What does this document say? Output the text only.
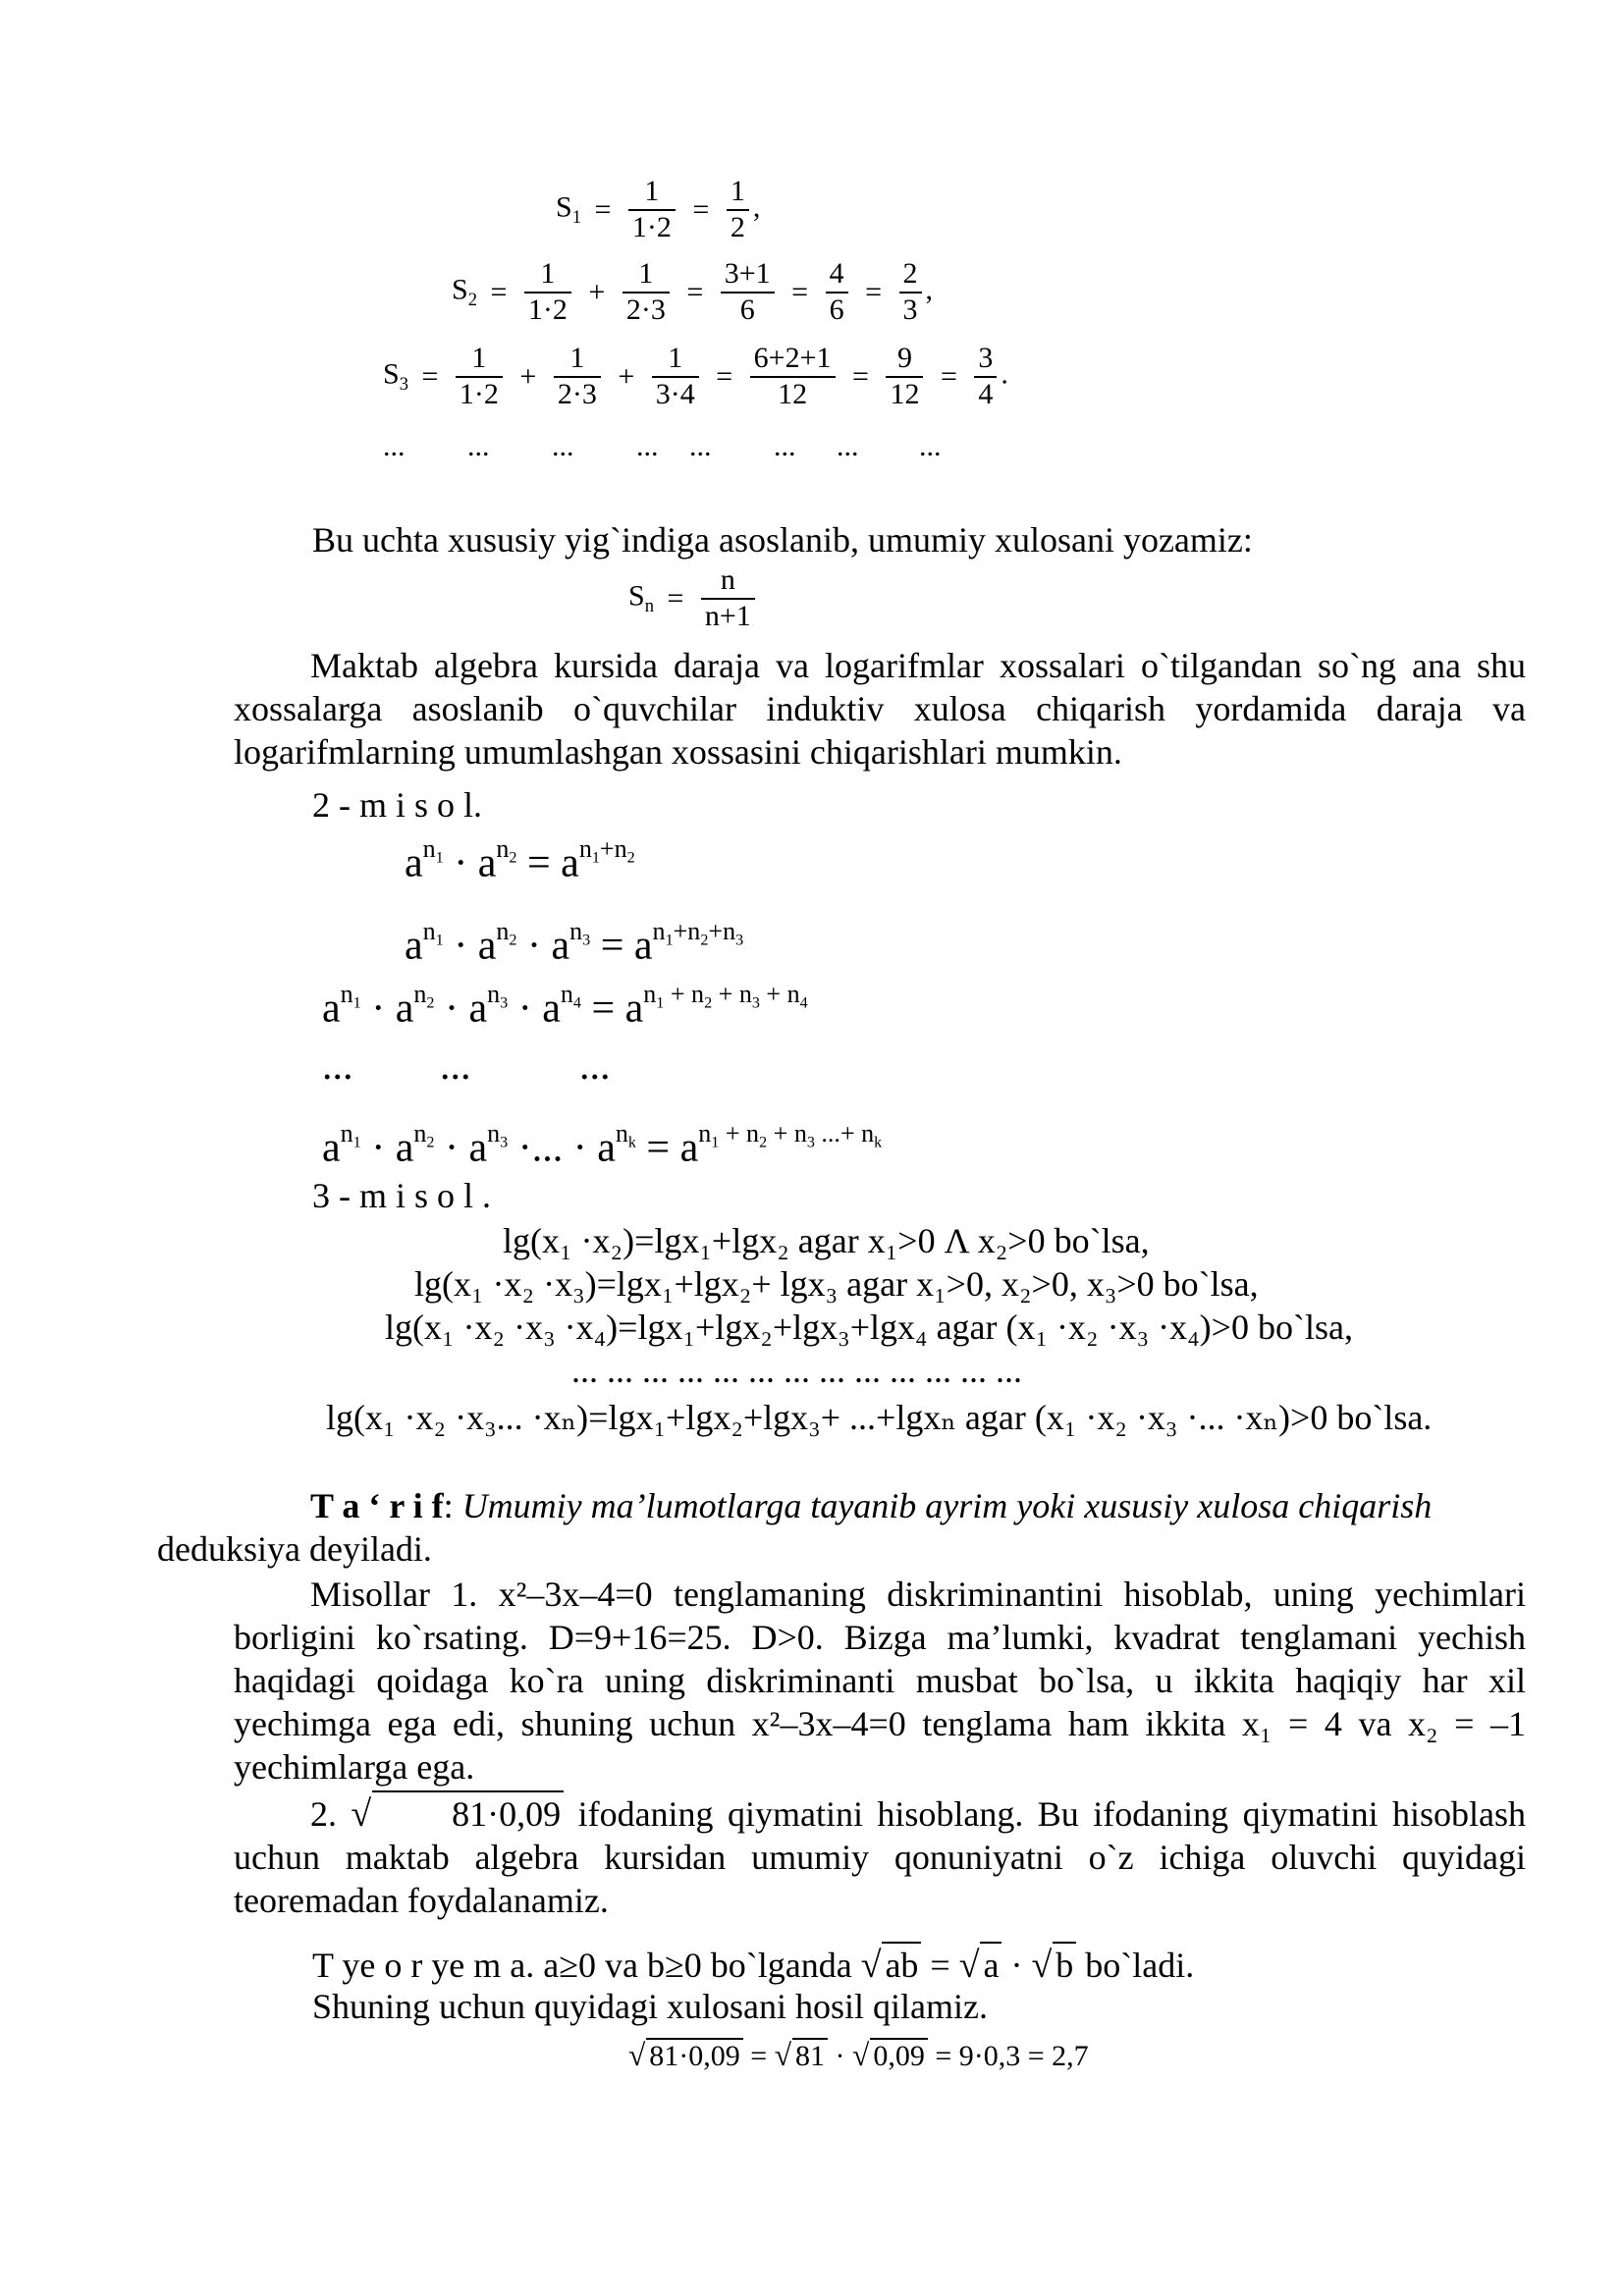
$S_1 = \frac{1}{1\cdot 2} = \frac{1}{2}$ ,
$S_2 = \frac{1}{1\cdot 2} + \frac{1}{2\cdot 3} = \frac{3+1}{6} = \frac{4}{6} = \frac{2}{3}$ ,
$S_3 = \frac{1}{1\cdot 2} + \frac{1}{2\cdot 3} + \frac{1}{3\cdot 4} = \frac{6+2+1}{12} = \frac{9}{12} = \frac{3}{4}$ .
... ... ... ... ... ... ... ...
Bu uchta xususiy yig`indiga asoslanib, umumiy xulosani yozamiz:
$S_n = \frac{n}{n+1}$
Maktab algebra kursida daraja va logarifmlar xossalari o`tilgandan so`ng ana shu xossalarga asoslanib o`quvchilar induktiv xulosa chiqarish yordamida daraja va logarifmlarning umumlashgan xossasini chiqarishlari mumkin.
2 - m i s o l.
$a^{n_1} \cdot a^{n_2} = a^{n_1+n_2}$
$a^{n_1} \cdot a^{n_2} \cdot a^{n_3} = a^{n_1+n_2+n_3}$
$a^{n_1} \cdot a^{n_2} \cdot a^{n_3} \cdot a^{n_4} = a^{n_1 + n_2 + n_3 + n_4}$
... ...	...
$a^{n_1} \cdot a^{n_2} \cdot a^{n_3}$ ·... · $a^{n_k} = a^{n_1 + n_2 + n_3 ...+ n_k}$
3 - m i s o l .
lg(x₁ ·x₂)=lgx₁+lgx₂ agar x₁>0 Λ x₂>0 bo`lsa,
lg(x₁ ·x₂ ·x₃)=lgx₁+lgx₂+ lgx₃ agar x₁>0, x₂>0, x₃>0 bo`lsa,
lg(x₁ ·x₂ ·x₃ ·x₄)=lgx₁+lgx₂+lgx₃+lgx₄ agar (x₁ ·x₂ ·x₃ ·x₄)>0 bo`lsa,
... ... ... ... ... ... ... ... ... ... ... ... ...
lg(x₁ ·x₂ ·x₃... ·xₙ)=lgx₁+lgx₂+lgx₃+ ...+lgxₙ agar (x₁ ·x₂ ·x₃ ·... ·xₙ)>0 bo`lsa.
T a ‘ r i f: Umumiy ma’lumotlarga tayanib ayrim yoki xususiy xulosa chiqarish
deduksiya deyiladi.
Misollar 1. x²–3x–4=0 tenglamaning diskriminantini hisoblab, uning yechimlari borligini ko`rsating. D=9+16=25. D>0. Bizga ma’lumki, kvadrat tenglamani yechish haqidagi qoidaga ko`ra uning diskriminanti musbat bo`lsa, u ikkita haqiqiy har xil yechimga ega edi, shuning uchun x²–3x–4=0 tenglama ham ikkita x₁ = 4 va x₂ = –1 yechimlarga ega.
2. √ 81·0,09 ifodaning qiymatini hisoblang. Bu ifodaning qiymatini hisoblash uchun maktab algebra kursidan umumiy qonuniyatni o`z ichiga oluvchi quyidagi teoremadan foydalanamiz.
T ye o r ye m a. a≥0 va b≥0 bo`lganda √ ab = √ a · √ b bo`ladi.
Shuning uchun quyidagi xulosani hosil qilamiz.
√ 81·0,09 = √ 81 · √ 0,09 = 9·0,3 = 2,7
